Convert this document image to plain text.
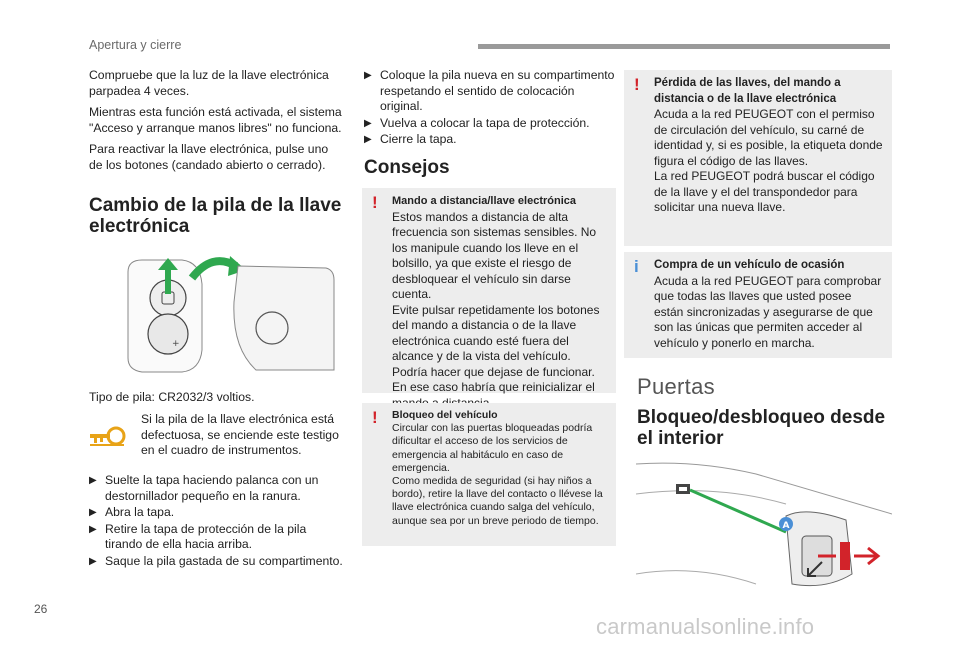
Apertura y cierre

Compruebe que la luz de la llave electrónica parpadea 4 veces.

Mientras esta función está activada, el sistema "Acceso y arranque manos libres" no funciona.

Para reactivar la llave electrónica, pulse uno de los botones (candado abierto o cerrado).

Cambio de la pila de la llave electrónica
+

Tipo de pila: CR2032/3 voltios.

Si la pila de la llave electrónica está defectuosa, se enciende este testigo en el cuadro de instrumentos.

▶ Suelte la tapa haciendo palanca con un destornillador pequeño en la ranura.

▶ Abra la tapa.

▶ Retire la tapa de protección de la pila tirando de ella hacia arriba.

▶ Saque la pila gastada de su compartimento.

▶ Coloque la pila nueva en su compartimento respetando el sentido de colocación original.

▶ Vuelva a colocar la tapa de protección.

▶ Cierre la tapa.

Consejos
! Mando a distancia/llave electrónica
Estos mandos a distancia de alta frecuencia son sistemas sensibles. No los manipule cuando los lleve en el bolsillo, ya que existe el riesgo de desbloquear el vehículo sin darse cuenta.
Evite pulsar repetidamente los botones del mando a distancia o de la llave electrónica cuando esté fuera del alcance y de la vista del vehículo. Podría hacer que dejase de funcionar. En ese caso habría que reinicializar el
! Bloqueo del vehículo
Circular con las puertas bloqueadas podría dificultar el acceso de los servicios de emergencia al habitáculo en caso de emergencia.
Como medida de seguridad (si hay niños a bordo), retire la llave del contacto o llévese la llave electrónica cuando salga del vehículo, aunque sea por un breve periodo de tiempo.
! Pérdida de las llaves, del mando a distancia o de la llave electrónica
Acuda a la red PEUGEOT con el permiso de circulación del vehículo, su carné de identidad y, si es posible, la etiqueta donde figura el código de las llaves.
La red PEUGEOT podrá buscar el código de la llave y el del transpondedor para solicitar una nueva llave.
i Compra de un vehículo de ocasión
Acuda a la red PEUGEOT para comprobar que todas las llaves que usted posee están sincronizadas y asegurarse de que son las únicas que permiten acceder al vehículo y ponerlo en marcha.
Puertas
Bloqueo/desbloqueo desde el interior
A
26
carmanualsonline.info
